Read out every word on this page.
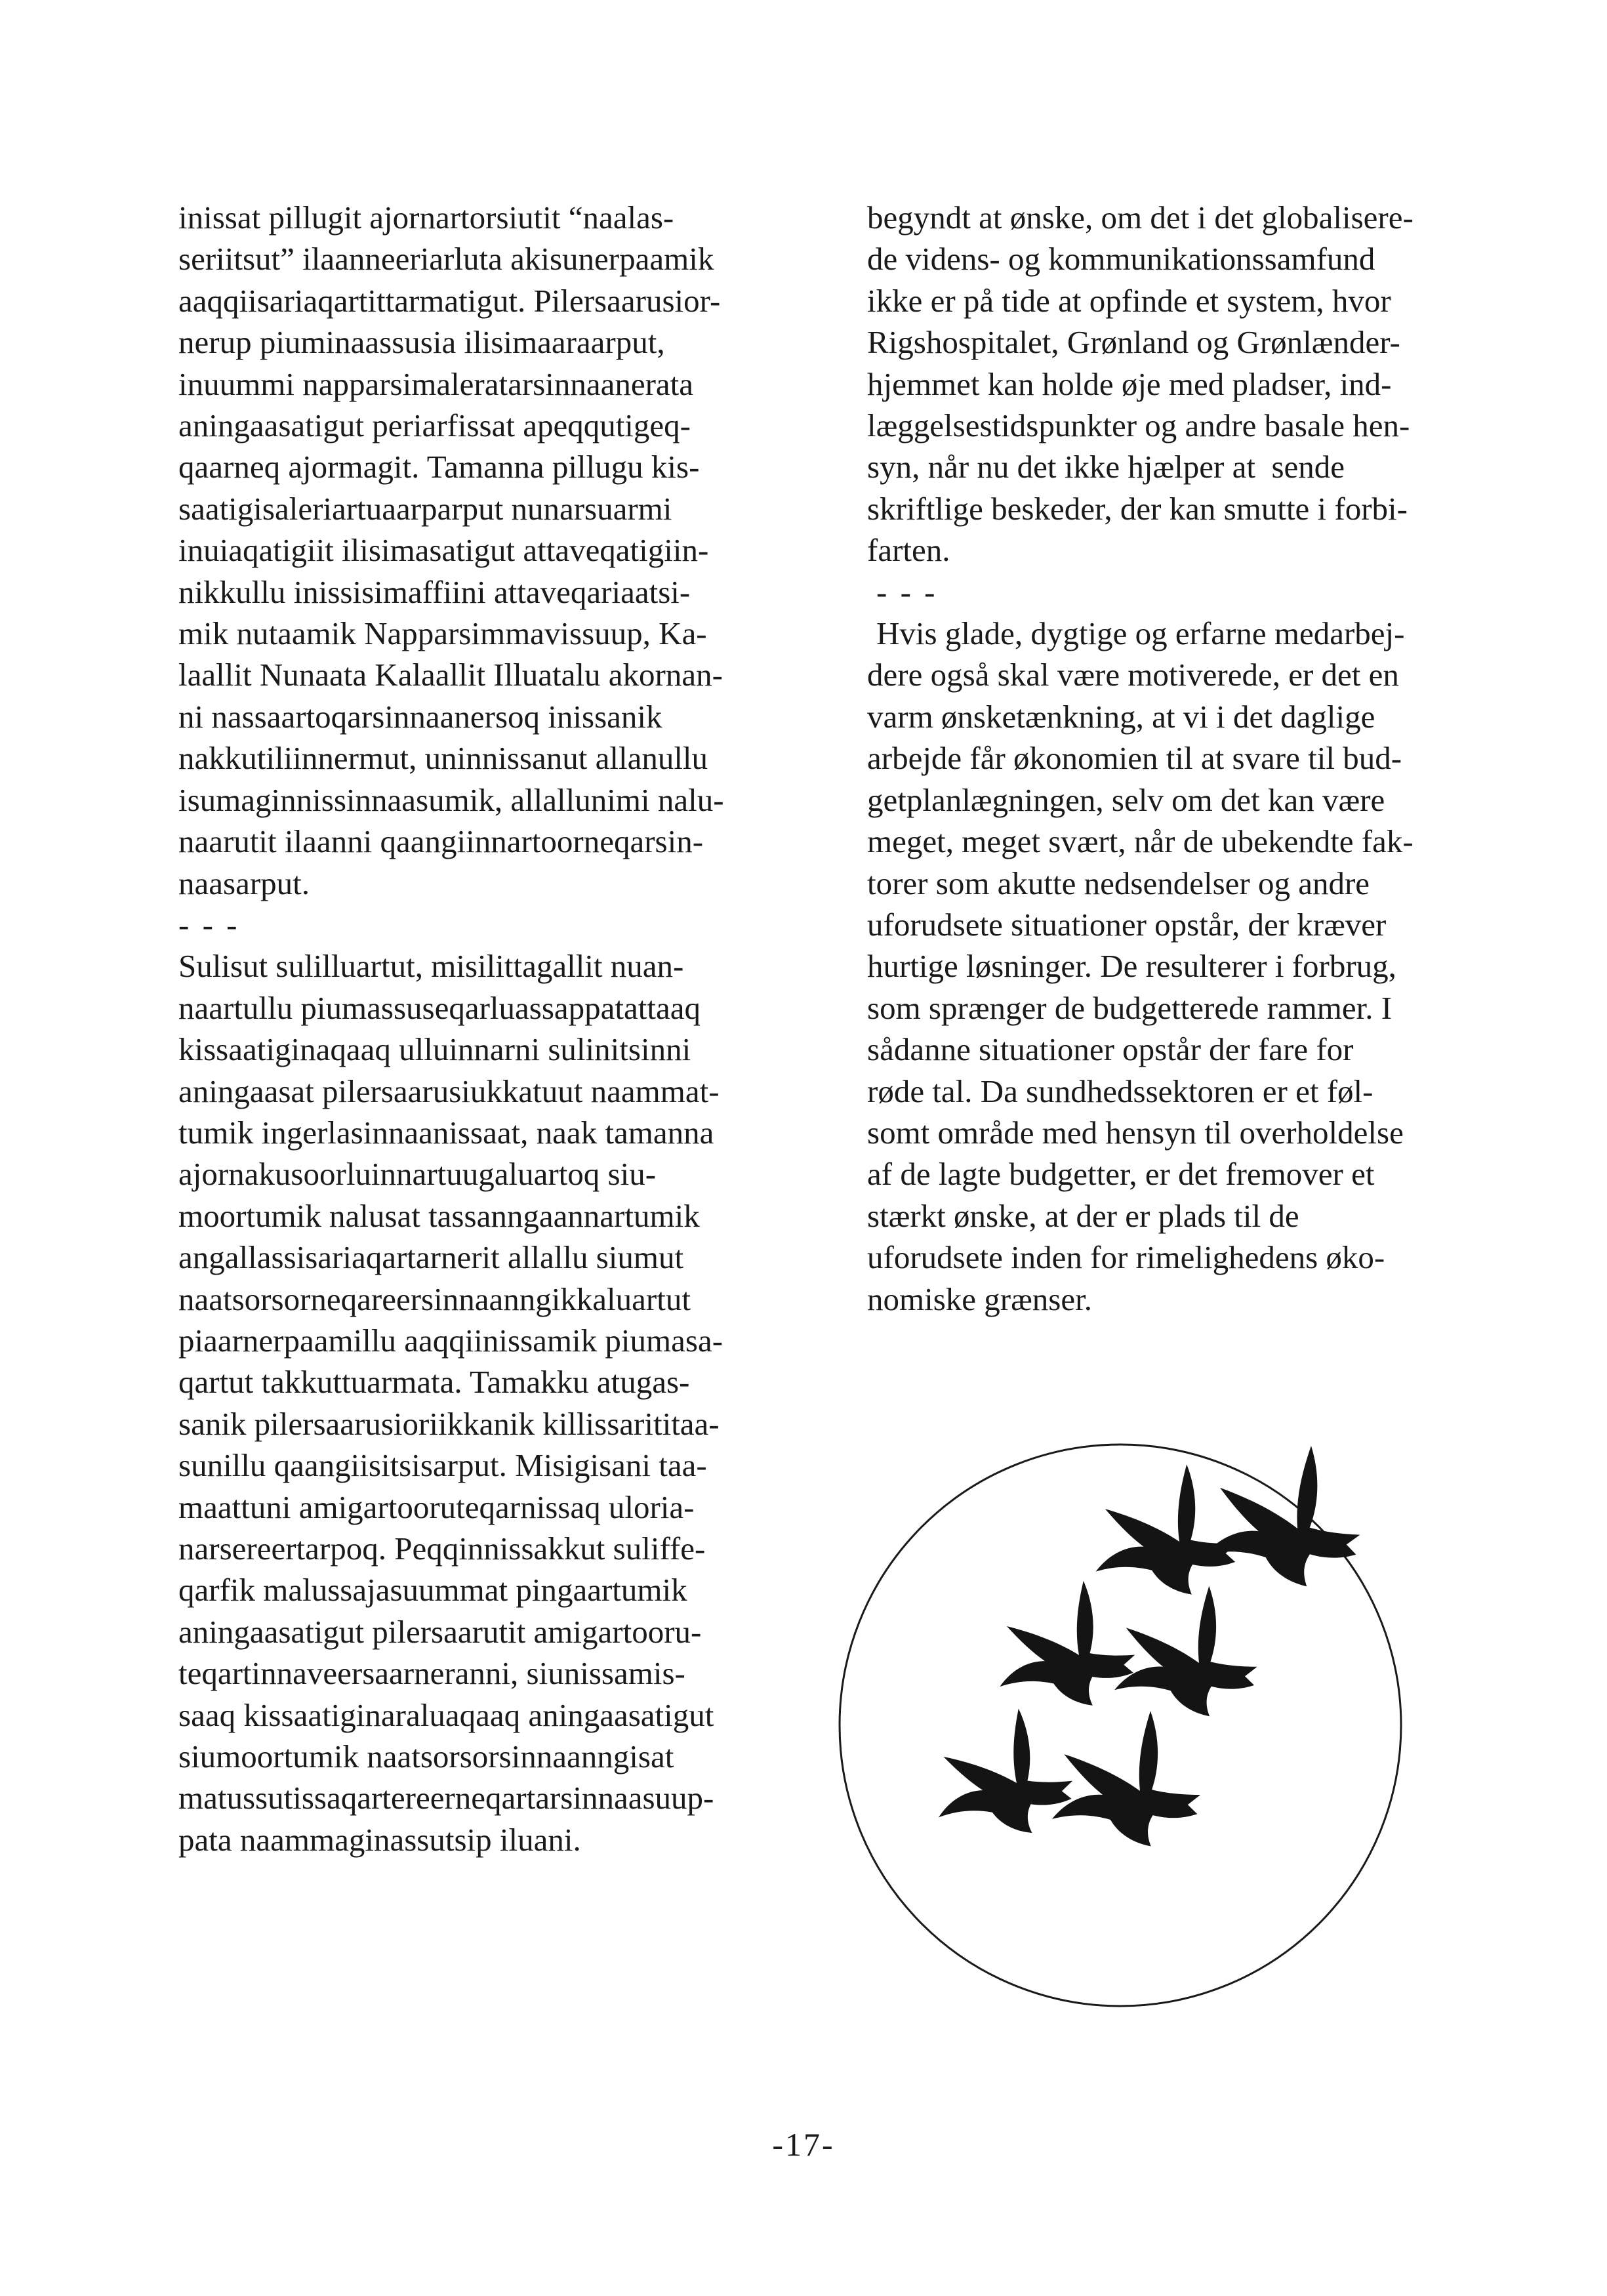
inissat pillugit ajornartorsiutit “naalas-

seriitsut” ilaanneeriarluta akisunerpaamik

aaqqiisariaqartittarmatigut. Pilersaarusior-

nerup piuminaassusia ilisimaaraarput,

inuummi napparsimaleratarsinnaanerata

aningaasatigut periarfissat apeqqutigeq-

qaarneq ajormagit. Tamanna pillugu kis-

saatigisaleriartuaarparput nunarsuarmi

inuiaqatigiit ilisimasatigut attaveqatigiin-

nikkullu inissisimaffiini attaveqariaatsi-

mik nutaamik Napparsimmavissuup, Ka-

laallit Nunaata Kalaallit Illuatalu akornan-

ni nassaartoqarsinnaanersoq inissanik

nakkutiliinnermut, uninnissanut allanullu

isumaginnissinnaasumik, allallunimi nalu-

naarutit ilaanni qaangiinnartoorneqarsin-

naasarput.

- - -

Sulisut sulilluartut, misilittagallit nuan-

naartullu piumassuseqarluassappatattaaq

kissaatiginaqaaq ulluinnarni sulinitsinni

aningaasat pilersaarusiukkatuut naammat-

tumik ingerlasinnaanissaat, naak tamanna

ajornakusoorluinnartuugaluartoq siu-

moortumik nalusat tassanngaannartumik

angallassisariaqartarnerit allallu siumut

naatsorsorneqareersinnaanngikkaluartut

piaarnerpaamillu aaqqiinissamik piumasa-

qartut takkuttuarmata. Tamakku atugas-

sanik pilersaarusioriikkanik killissarititaa-

sunillu qaangiisitsisarput. Misigisani taa-

maattuni amigartooruteqarnissaq uloria-

narsereertarpoq. Peqqinnissakkut suliffe-

qarfik malussajasuummat pingaartumik

aningaasatigut pilersaarutit amigartooru-

teqartinnaveersaarneranni, siunissamis-

saaq kissaatiginaraluaqaaq aningaasatigut

siumoortumik naatsorsorsinnaanngisat

matussutissaqartereerneqartarsinnaasuup-

pata naammaginassutsip iluani.

begyndt at ønske, om det i det globalisere-

de videns- og kommunikationssamfund

ikke er på tide at opfinde et system, hvor

Rigshospitalet, Grønland og Grønlænder-

hjemmet kan holde øje med pladser, ind-

læggelsestidspunkter og andre basale hen-

syn, når nu det ikke hjælper at  sende

skriftlige beskeder, der kan smutte i forbi-

farten.

- - -

Hvis glade, dygtige og erfarne medarbej-

dere også skal være motiverede, er det en

varm ønsketænkning, at vi i det daglige

arbejde får økonomien til at svare til bud-

getplanlægningen, selv om det kan være

meget, meget svært, når de ubekendte fak-

torer som akutte nedsendelser og andre

uforudsete situationer opstår, der kræver

hurtige løsninger. De resulterer i forbrug,

som sprænger de budgetterede rammer. I

sådanne situationer opstår der fare for

røde tal. Da sundhedssektoren er et føl-

somt område med hensyn til overholdelse

af de lagte budgetter, er det fremover et

stærkt ønske, at der er plads til de

uforudsete inden for rimelighedens øko-

nomiske grænser.

-17-
